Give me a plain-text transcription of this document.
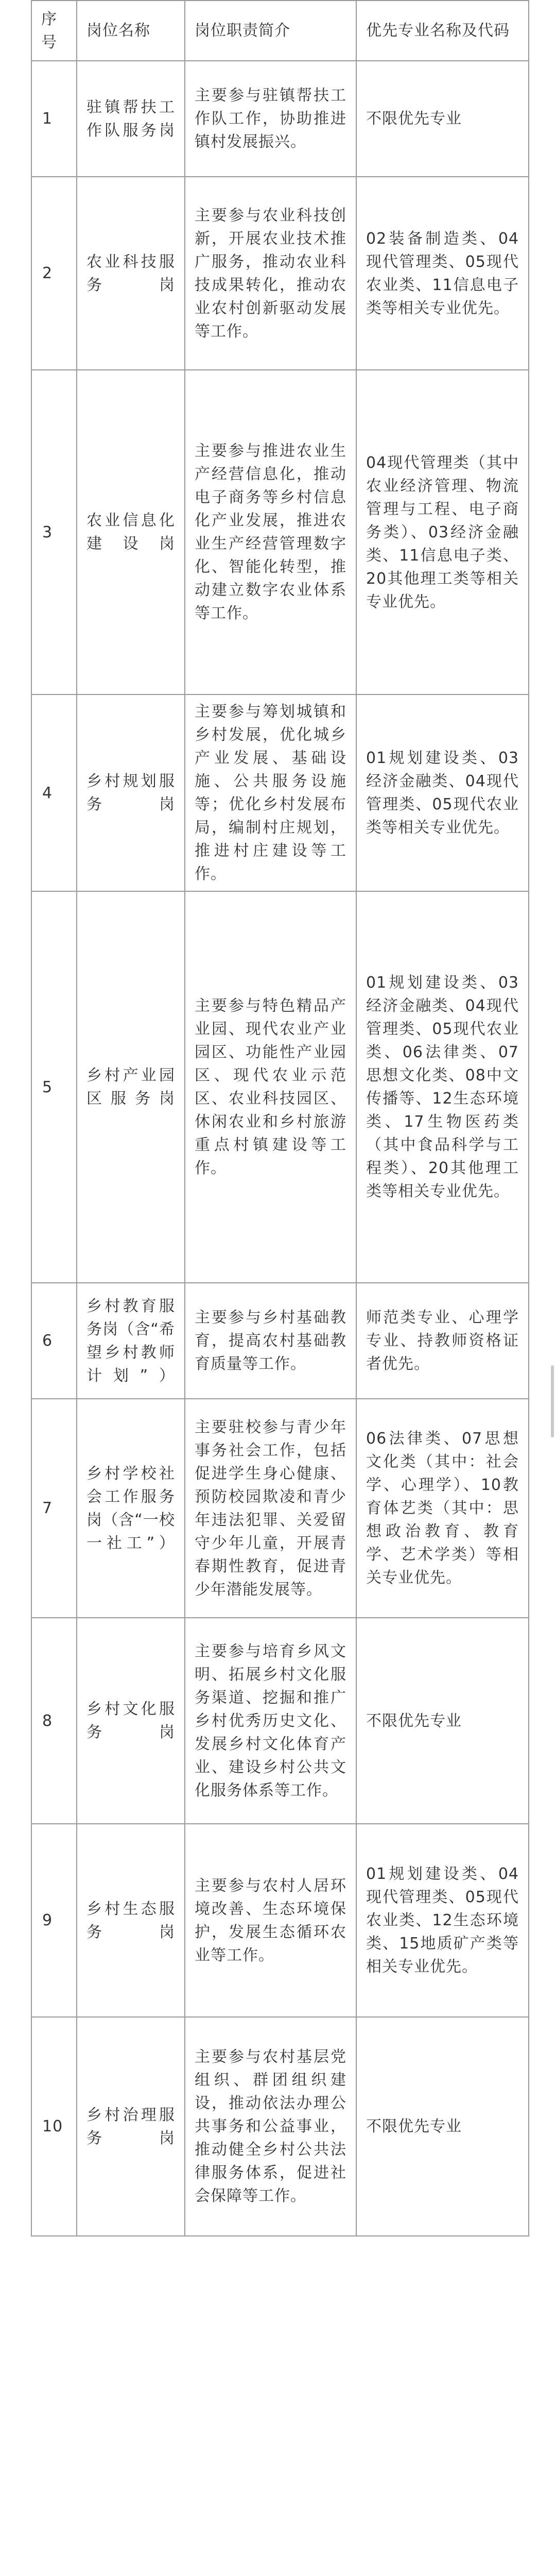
序号	岗位名称	岗位职责简介	优先专业名称及代码
1	驻镇帮扶工作队服务岗	主要参与驻镇帮扶工作队工作，协助推进镇村发展振兴。	不限优先专业
2	农业科技服务岗	主要参与农业科技创新，开展农业技术推广服务，推动农业科技成果转化，推动农业农村创新驱动发展等工作。	02装备制造类、04现代管理类、05现代农业类、11信息电子类等相关专业优先。
3	农业信息化建设岗	主要参与推进农业生产经营信息化，推动电子商务等乡村信息化产业发展，推进农业生产经营管理数字化、智能化转型，推动建立数字农业体系等工作。	04现代管理类（其中农业经济管理、物流管理与工程、电子商务类）、03经济金融类、11信息电子类、20其他理工类等相关专业优先。
4	乡村规划服务岗	主要参与筹划城镇和乡村发展，优化城乡产业发展、基础设施、公共服务设施等；优化乡村发展布局，编制村庄规划，推进村庄建设等工作。	01规划建设类、03经济金融类、04现代管理类、05现代农业类等相关专业优先。
5	乡村产业园区服务岗	主要参与特色精品产业园、现代农业产业园区、功能性产业园区、现代农业示范区、农业科技园区、休闲农业和乡村旅游重点村镇建设等工作。	01规划建设类、03经济金融类、04现代管理类、05现代农业类、06法律类、07思想文化类、08中文传播等、12生态环境类、17生物医药类（其中食品科学与工程类）、20其他理工类等相关专业优先。
6	乡村教育服务岗（含“希望乡村教师计划”）	主要参与乡村基础教育，提高农村基础教育质量等工作。	师范类专业、心理学专业、持教师资格证者优先。
7	乡村学校社会工作服务岗（含“一校一社工”）	主要驻校参与青少年事务社会工作，包括促进学生身心健康、预防校园欺凌和青少年违法犯罪、关爱留守少年儿童，开展青春期性教育，促进青少年潜能发展等。	06法律类、07思想文化类（其中：社会学、心理学）、10教育体艺类（其中：思想政治教育、教育学、艺术学类）等相关专业优先。
8	乡村文化服务岗	主要参与培育乡风文明、拓展乡村文化服务渠道、挖掘和推广乡村优秀历史文化、发展乡村文化体育产业、建设乡村公共文化服务体系等工作。	不限优先专业
9	乡村生态服务岗	主要参与农村人居环境改善、生态环境保护，发展生态循环农业等工作。	01规划建设类、04现代管理类、05现代农业类、12生态环境类、15地质矿产类等相关专业优先。
10	乡村治理服务岗	主要参与农村基层党组织、群团组织建设，推动依法办理公共事务和公益事业，推动健全乡村公共法律服务体系，促进社会保障等工作。	不限优先专业
